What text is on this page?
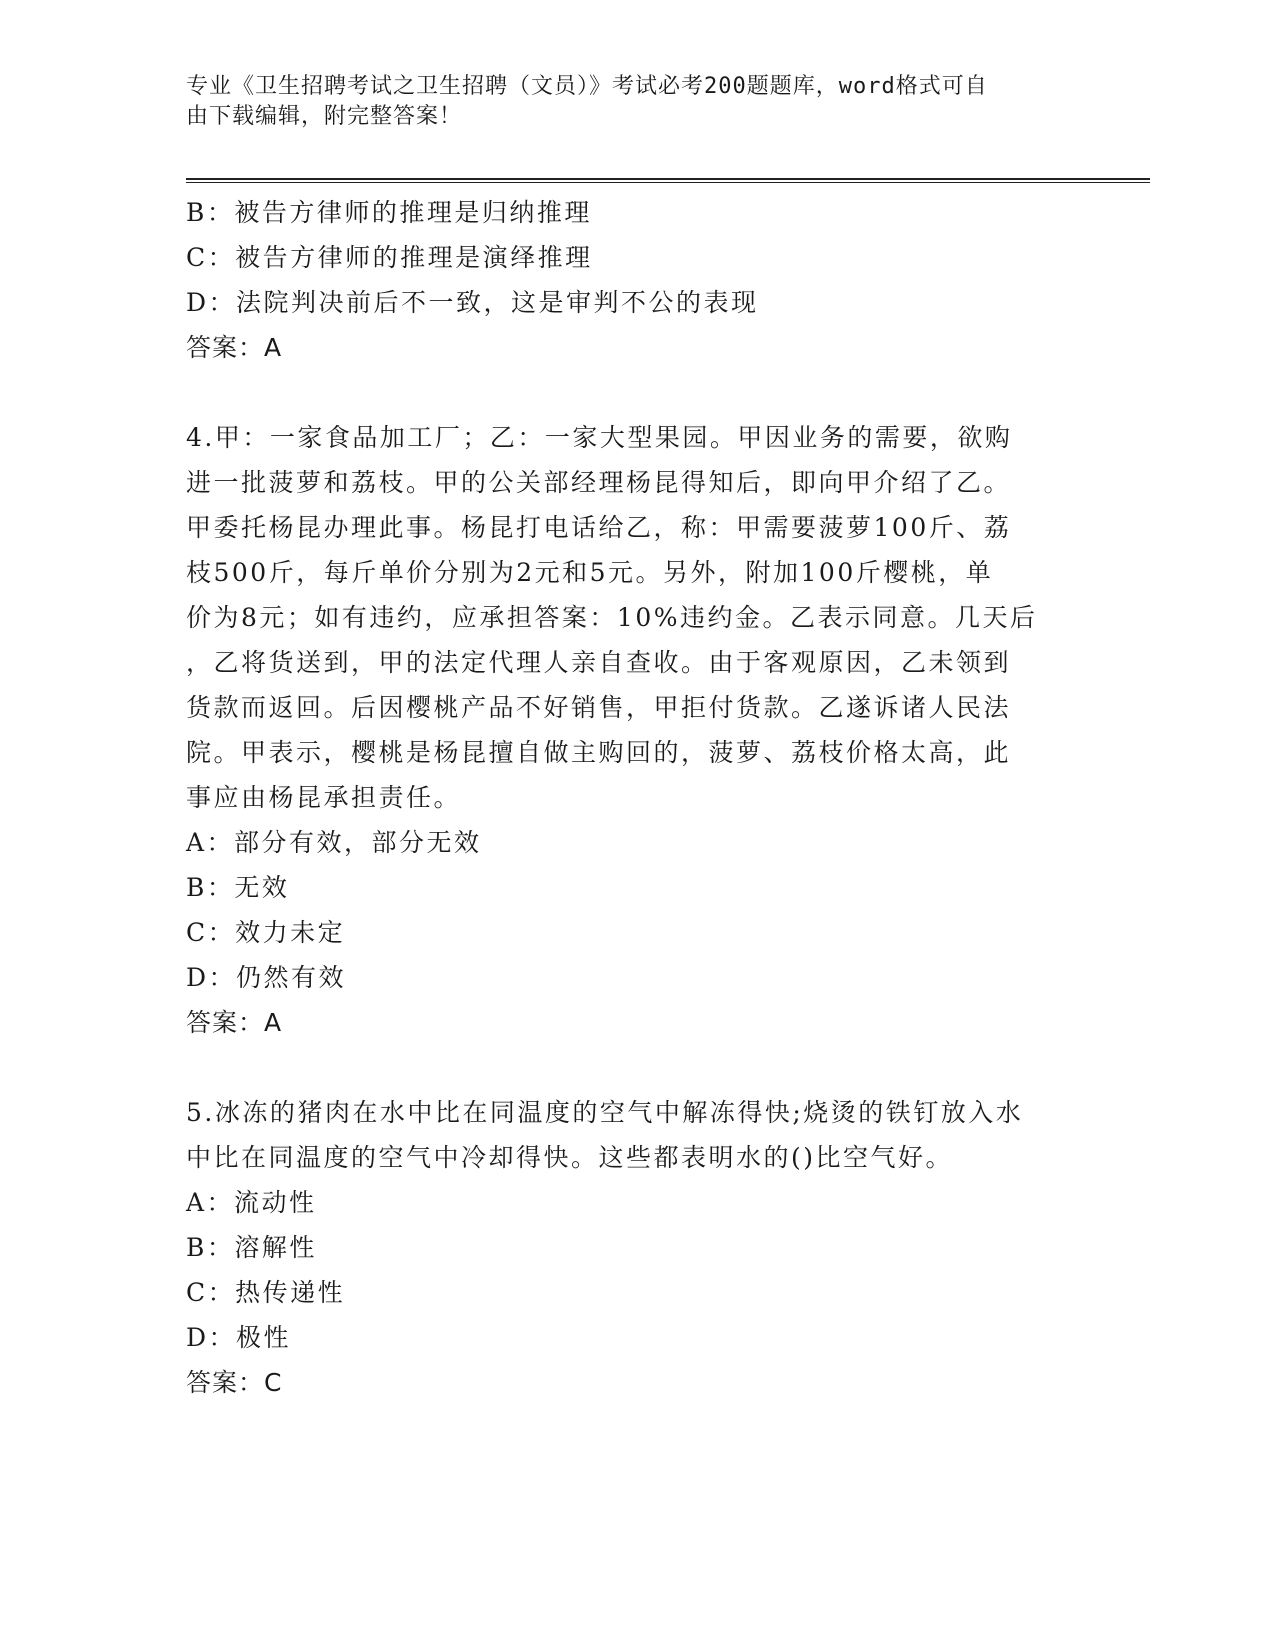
专业《卫生招聘考试之卫生招聘（文员）》考试必考200题题库，word格式可自
由下载编辑，附完整答案！
B：被告方律师的推理是归纳推理
C：被告方律师的推理是演绎推理
D：法院判决前后不一致，这是审判不公的表现
答案：A
4.甲：一家食品加工厂；乙：一家大型果园。甲因业务的需要，欲购
进一批菠萝和荔枝。甲的公关部经理杨昆得知后，即向甲介绍了乙。
甲委托杨昆办理此事。杨昆打电话给乙，称：甲需要菠萝100斤、荔
枝500斤，每斤单价分别为2元和5元。另外，附加100斤樱桃，单
价为8元；如有违约，应承担答案：10%违约金。乙表示同意。几天后
，乙将货送到，甲的法定代理人亲自查收。由于客观原因，乙未领到
货款而返回。后因樱桃产品不好销售，甲拒付货款。乙遂诉诸人民法
院。甲表示，樱桃是杨昆擅自做主购回的，菠萝、荔枝价格太高，此
事应由杨昆承担责任。
A：部分有效，部分无效
B：无效
C：效力未定
D：仍然有效
答案：A
5.冰冻的猪肉在水中比在同温度的空气中解冻得快;烧烫的铁钉放入水
中比在同温度的空气中冷却得快。这些都表明水的()比空气好。
A：流动性
B：溶解性
C：热传递性
D：极性
答案：C
